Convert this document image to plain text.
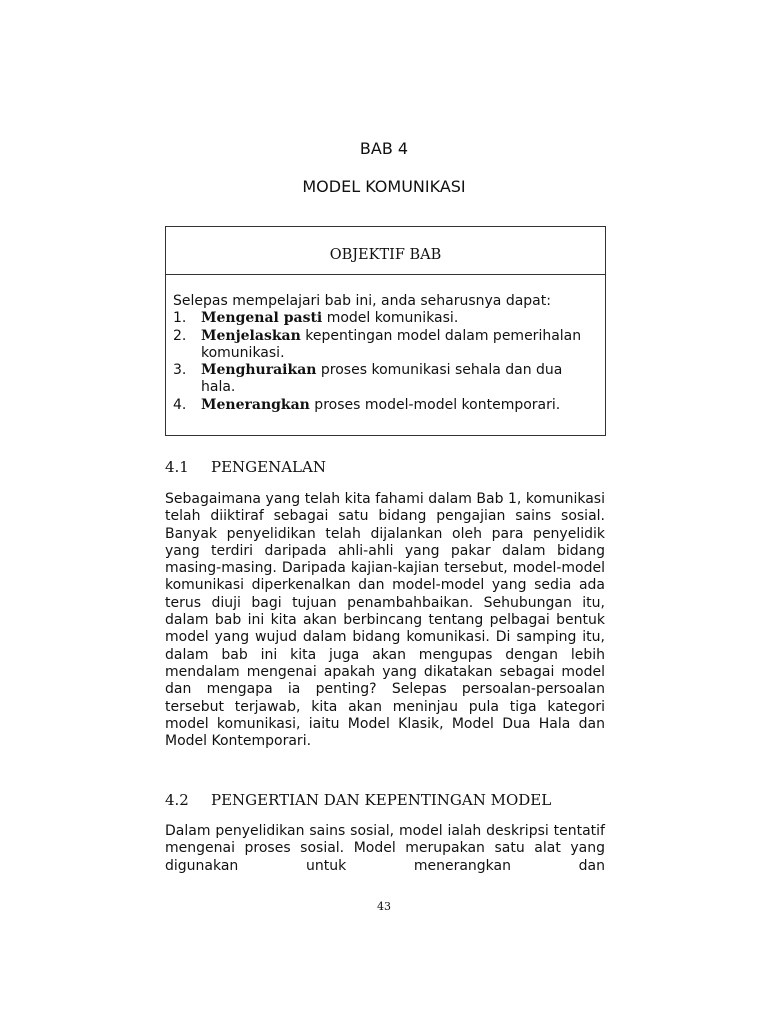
BAB 4
MODEL KOMUNIKASI
OBJEKTIF BAB
Selepas mempelajari bab ini, anda seharusnya dapat:
1. Mengenal pasti model komunikasi.
2. Menjelaskan kepentingan model dalam pemerihalan komunikasi.
3. Menghuraikan proses komunikasi sehala dan dua hala.
4. Menerangkan proses model-model kontemporari.
4.1 PENGENALAN

Sebagaimana yang telah kita fahami dalam Bab 1, komunikasi telah diiktiraf sebagai satu bidang pengajian sains sosial. Banyak penyelidikan telah dijalankan oleh para penyelidik yang terdiri daripada ahli-ahli yang pakar dalam bidang masing-masing. Daripada kajian-kajian tersebut, model-model komunikasi diperkenalkan dan model-model yang sedia ada terus diuji bagi tujuan penambahbaikan. Sehubungan itu, dalam bab ini kita akan berbincang tentang pelbagai bentuk model yang wujud dalam bidang komunikasi. Di samping itu, dalam bab ini kita juga akan mengupas dengan lebih mendalam mengenai apakah yang dikatakan sebagai model dan mengapa ia penting? Selepas persoalan-persoalan tersebut terjawab, kita akan meninjau pula tiga kategori model komunikasi, iaitu Model Klasik, Model Dua Hala dan Model Kontemporari.

4.2 PENGERTIAN DAN KEPENTINGAN MODEL

Dalam penyelidikan sains sosial, model ialah deskripsi tentatif mengenai proses sosial. Model merupakan satu alat yang digunakan untuk menerangkan dan

43
